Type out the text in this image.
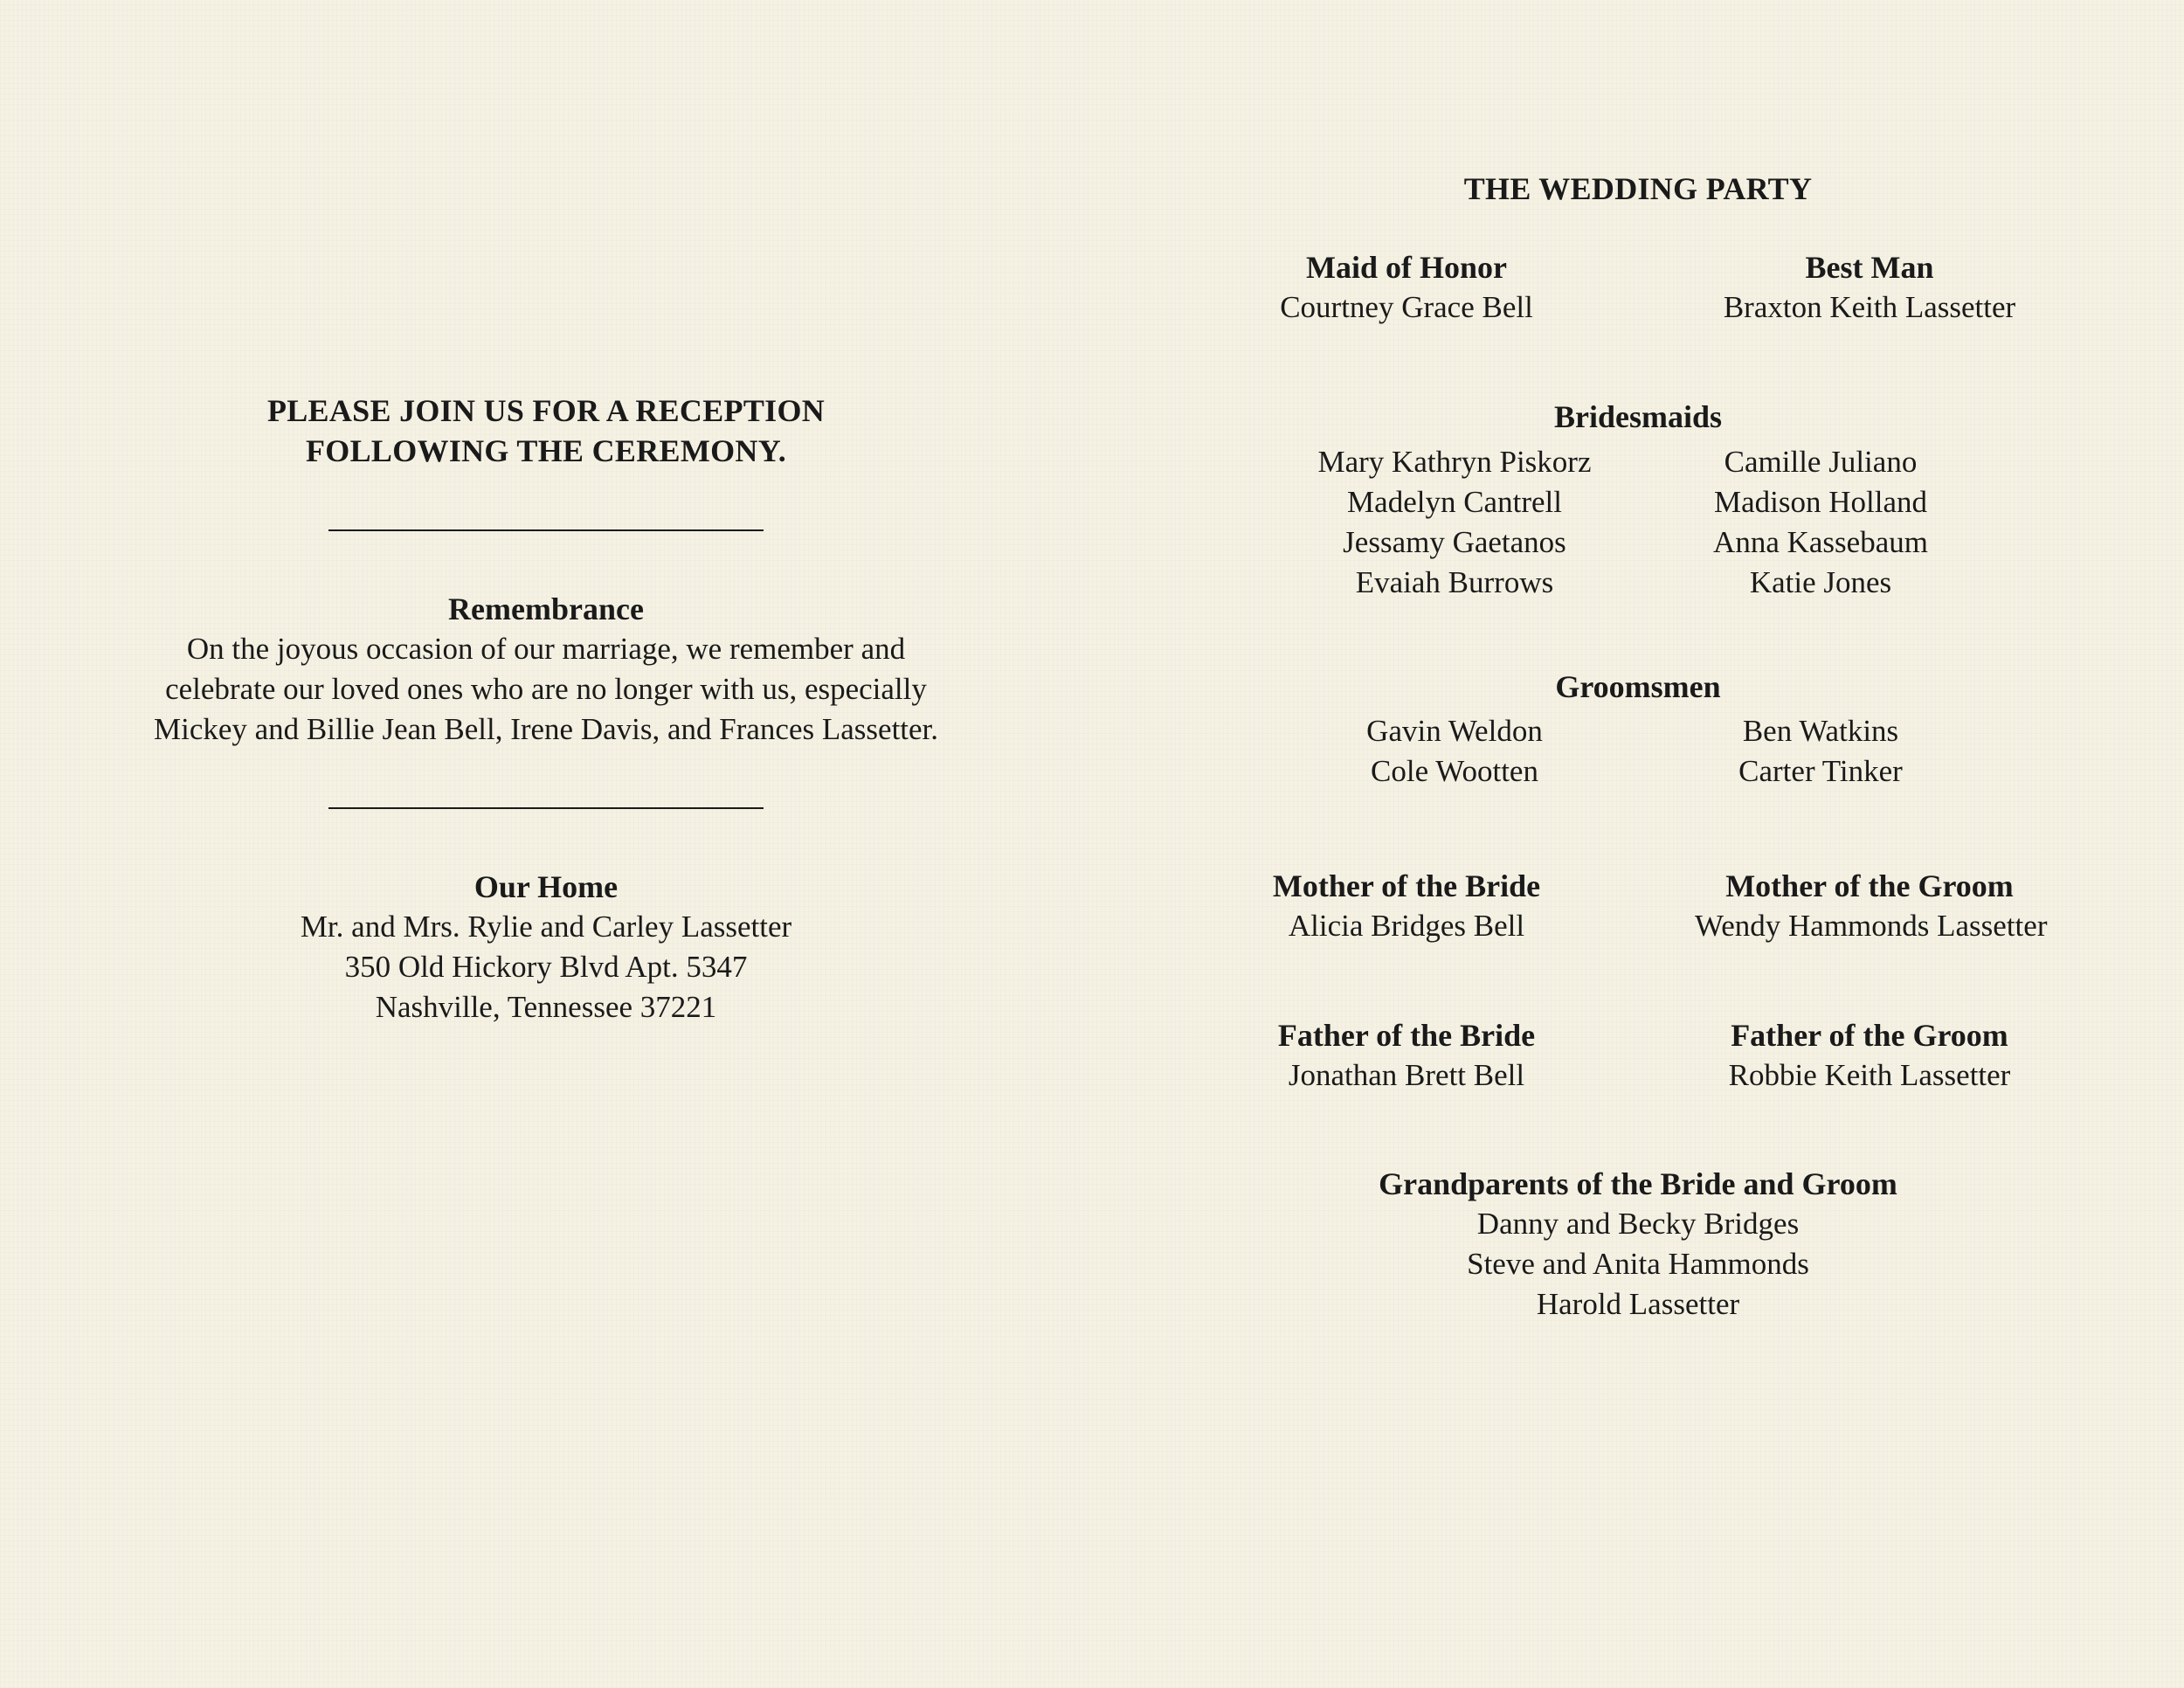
PLEASE JOIN US FOR A RECEPTION
FOLLOWING THE CEREMONY.
Remembrance
On the joyous occasion of our marriage, we remember and
celebrate our loved ones who are no longer with us, especially
Mickey and Billie Jean Bell, Irene Davis, and Frances Lassetter.
Our Home
Mr. and Mrs. Rylie and Carley Lassetter
350 Old Hickory Blvd Apt. 5347
Nashville, Tennessee 37221
THE WEDDING PARTY
Maid of Honor
Courtney Grace Bell
Best Man
Braxton Keith Lassetter
Bridesmaids
Mary Kathryn Piskorz
Madelyn Cantrell
Jessamy Gaetanos
Evaiah Burrows
Camille Juliano
Madison Holland
Anna Kassebaum
Katie Jones
Groomsmen
Gavin Weldon
Cole Wootten
Ben Watkins
Carter Tinker
Mother of the Bride
Alicia Bridges Bell
Mother of the Groom
Wendy Hammonds Lassetter
Father of the Bride
Jonathan Brett Bell
Father of the Groom
Robbie Keith Lassetter
Grandparents of the Bride and Groom
Danny and Becky Bridges
Steve and Anita Hammonds
Harold Lassetter
